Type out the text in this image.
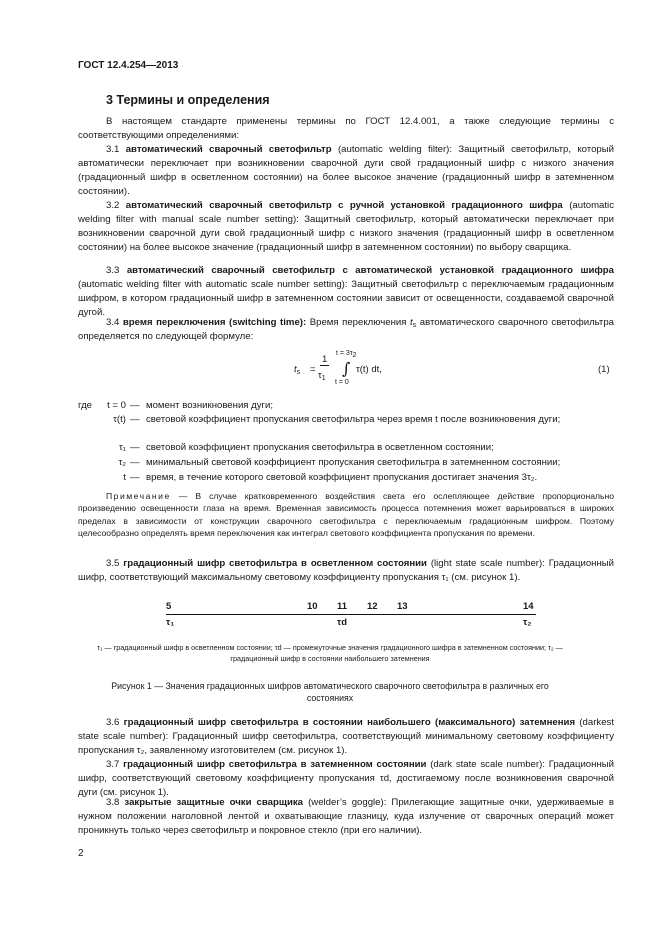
ГОСТ 12.4.254—2013
3 Термины и определения
В настоящем стандарте применены термины по ГОСТ 12.4.001, а также следующие термины с соответствующими определениями:
3.1 автоматический сварочный светофильтр (automatic welding filter): Защитный светофильтр, который автоматически переключает при возникновении сварочной дуги свой градационный шифр с низкого значения (градационный шифр в осветленном состоянии) на более высокое значение (градационный шифр в затемненном состоянии).
3.2 автоматический сварочный светофильтр с ручной установкой градационного шифра (automatic welding filter with manual scale number setting): Защитный светофильтр, который автоматически переключает при возникновении сварочной дуги свой градационный шифр с низкого значения (градационный шифр в осветленном состоянии) на более высокое значение (градационный шифр в затемненном состоянии) по выбору сварщика.
3.3 автоматический сварочный светофильтр с автоматической установкой градационного шифра (automatic welding filter with automatic scale number setting): Защитный светофильтр с переключаемым градационным шифром, в котором градационный шифр в затемненном состоянии зависит от освещенности, создаваемой сварочной дугой.
3.4 время переключения (switching time): Время переключения $t_s$ автоматического сварочного светофильтра определяется по следующей формуле:
$t_s$ =
1
$\tau_1$
$t = 3\tau_2$
∫
t = 0
τ(t) dt,	(1)
где	t = 0 — момент возникновения дуги;
τ(t) — световой коэффициент пропускания светофильтра через время t после возникновения дуги;
τ₁ — световой коэффициент пропускания светофильтра в осветленном состоянии;
τ₂ — минимальный световой коэффициент пропускания светофильтра в затемненном состоянии;
t — время, в течение которого световой коэффициент пропускания достигает значения 3τ₂.
Примечание — В случае кратковременного воздействия света его ослепляющее действие пропорционально произведению освещенности глаза на время. Временная зависимость процесса потемнения может варьироваться в широких пределах в зависимости от конструкции сварочного светофильтра с переключаемым градационным шифром. Поэтому целесообразно определять время переключения как интеграл светового коэффициента пропускания по времени.
3.5 градационный шифр светофильтра в осветленном состоянии (light state scale number): Градационный шифр, соответствующий максимальному световому коэффициенту пропускания τ₁ (см. рисунок 1).
5	10 11 12 13	14
τ₁	τd	τ₂
τ₁ — градационный шифр в осветленном состоянии; τd — промежуточные значения градационного шифра в затемненном состоянии; τ₂ — градационный шифр в состоянии наибольшего затемнения
Рисунок 1 — Значения градационных шифров автоматического сварочного светофильтра в различных его состояниях
3.6 градационный шифр светофильтра в состоянии наибольшего (максимального) затемнения (darkest state scale number): Градационный шифр светофильтра, соответствующий минимальному световому коэффициенту пропускания τ₂, заявленному изготовителем (см. рисунок 1).
3.7 градационный шифр светофильтра в затемненном состоянии (dark state scale number): Градационный шифр, соответствующий световому коэффициенту пропускания τd, достигаемому после возникновения сварочной дуги (см. рисунок 1).
3.8 закрытые защитные очки сварщика (welder’s goggle): Прилегающие защитные очки, удерживаемые в нужном положении наголовной лентой и охватывающие глазницу, куда излучение от сварочных операций может проникнуть только через светофильтр и покровное стекло (при его наличии).
2
